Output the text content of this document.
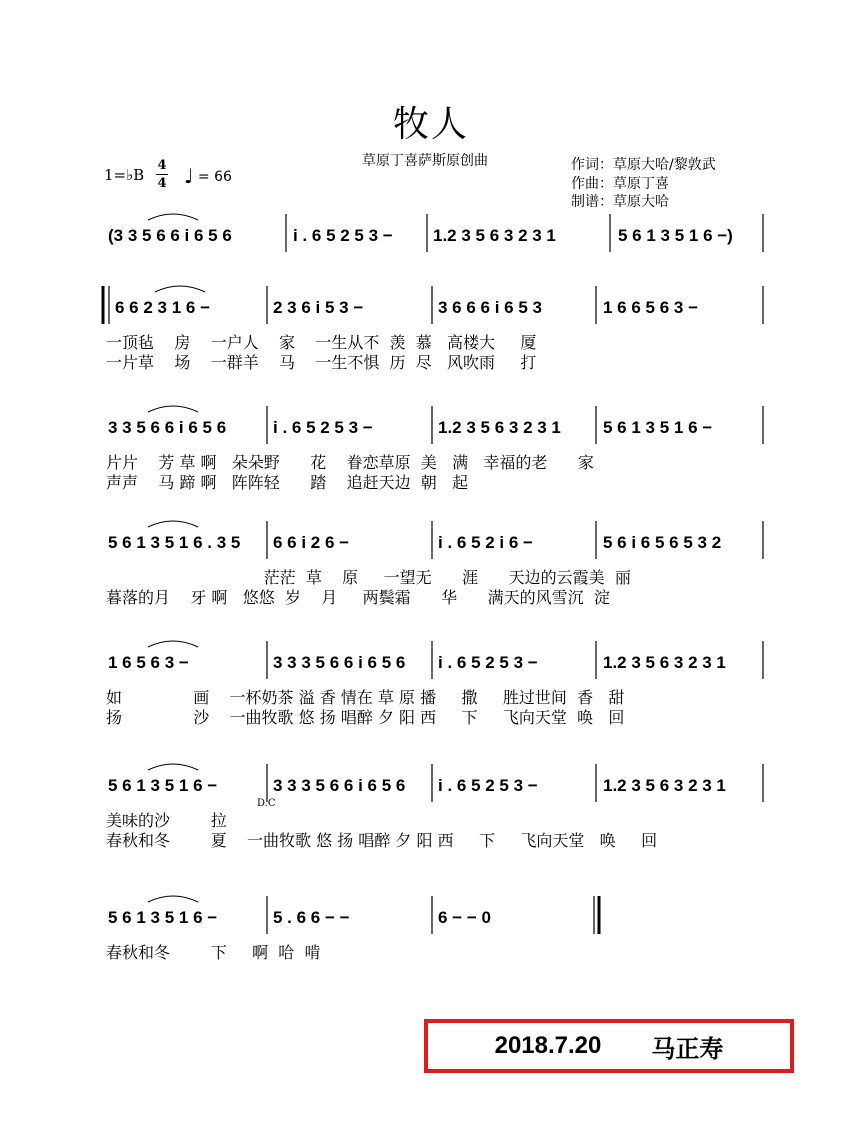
牧人
草原丁喜萨斯原创曲	作词：草原大哈/黎敦武
作曲：草原丁喜
制谱：草原大哈
1=♭B
4
4 ♩ = 66
(3 3 5 6 6 i 6 5 6	i . 6 5 2 5 3 − 1.2 3 5 6 3 2 3 1	5 6 1 3 5 1 6 −)
6 6 2 3 1 6 −	2 3 6 i 5 3 −	3 6 6 6 i 6 5 3	1 6 6 5 6 3 −
一顶毡    房    一户人    家    一生从不  羡  慕   高楼大     厦
一片草    场    一群羊    马    一生不惧  历  尽   风吹雨     打
3 3 5 6 6 i 6 5 6	i . 6 5 2 5 3 −	1.2 3 5 6 3 2 3 1 5 6 1 3 5 1 6 −
片片    芳 草 啊   朵朵野      花    眷恋草原  美   满   幸福的老      家
声声    马 蹄 啊   阵阵轻      踏    追赶天边  朝   起
5 6 1 3 5 1 6 . 3 5 6 6 i 2 6 −	i . 6 5 2 i 6 −	5 6 i 6 5 6 5 3 2
茫茫  草    原     一望无      涯      天边的云霞美  丽
暮落的月    牙 啊   悠悠  岁    月     两鬓霜      华      满天的风雪沉  淀
1 6 5 6 3 −	3 3 3 5 6 6 i 6 5 6 i . 6 5 2 5 3 −	1.2 3 5 6 3 2 3 1
如              画    一杯奶茶 溢 香 情在 草 原 播     撒     胜过世间  香   甜
扬              沙    一曲牧歌 悠 扬 唱醉 夕 阳 西     下     飞向天堂  唤   回
5 6 1 3 5 1 6 −	3 3 3 5 6 6 i 6 5 6 i . 6 5 2 5 3 −	1.2 3 5 6 3 2 3 1
D.C
美味的沙        拉
春秋和冬        夏    一曲牧歌 悠 扬 唱醉 夕 阳 西     下     飞向天堂   唤     回
5 6 1 3 5 1 6 −	5 . 6 6 − −	6 − − 0
春秋和冬        下     啊  哈  啃
2018.7.20 马正寿
